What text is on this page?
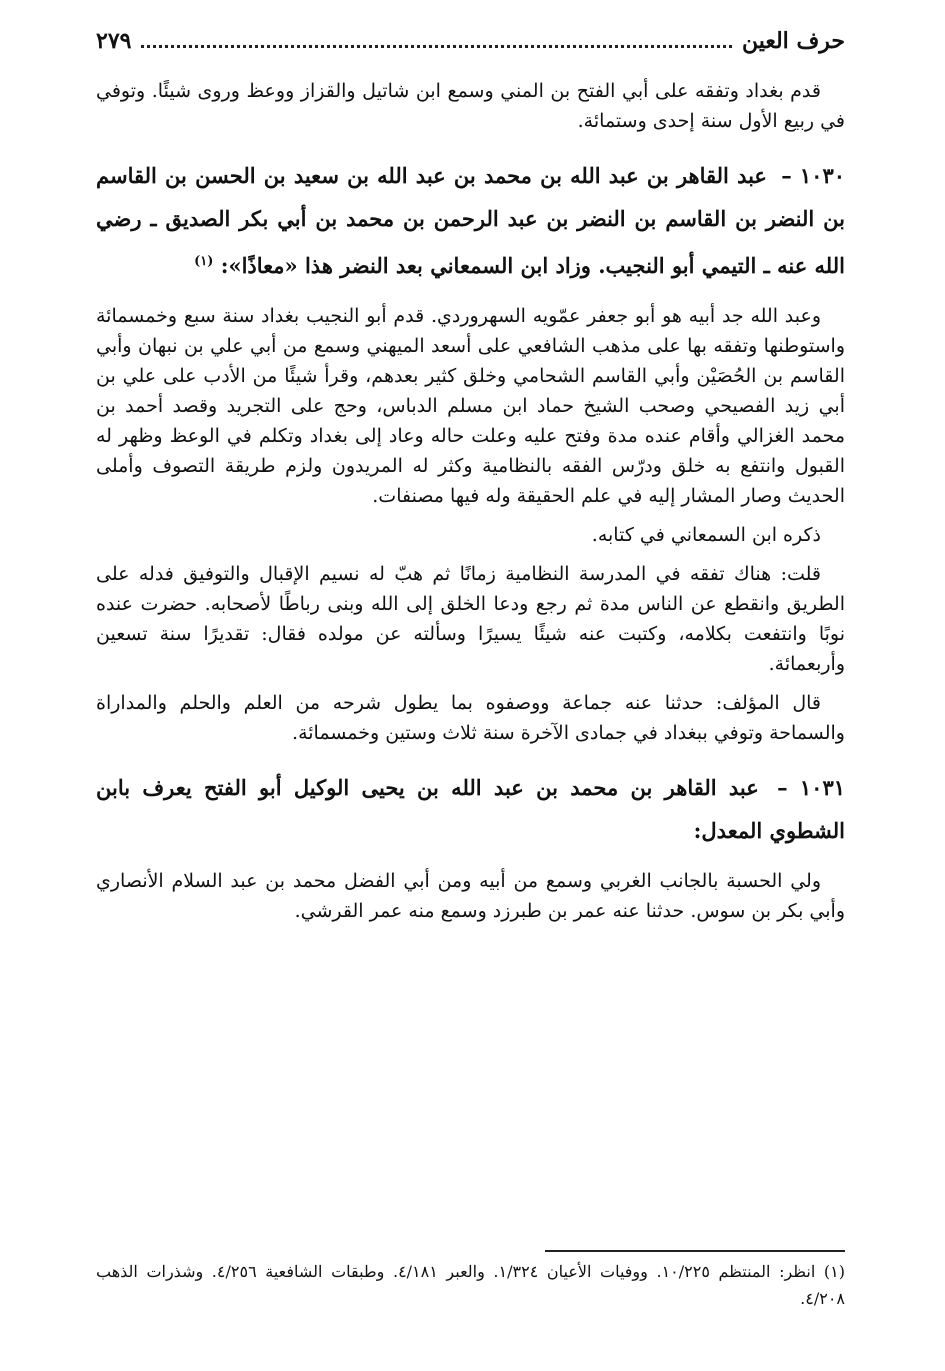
حرف العين
٢٧٩

قدم بغداد وتفقه على أبي الفتح بن المني وسمع ابن شاتيل والقزاز ووعظ وروى شيئًا. وتوفي في ربيع الأول سنة إحدى وستمائة.

١٠٣٠ – عبد القاهر بن عبد الله بن محمد بن عبد الله بن سعيد بن الحسن بن القاسم بن النضر بن القاسم بن النضر بن عبد الرحمن بن محمد بن أبي بكر الصديق ـ رضي الله عنه ـ التيمي أبو النجيب. وزاد ابن السمعاني بعد النضر هذا «معاذًا»: $^{(١)}$

وعبد الله جد أبيه هو أبو جعفر عمّويه السهروردي. قدم أبو النجيب بغداد سنة سبع وخمسمائة واستوطنها وتفقه بها على مذهب الشافعي على أسعد الميهني وسمع من أبي علي بن نبهان وأبي القاسم بن الحُصَيْن وأبي القاسم الشحامي وخلق كثير بعدهم، وقرأ شيئًا من الأدب على علي بن أبي زيد الفصيحي وصحب الشيخ حماد ابن مسلم الدباس، وحج على التجريد وقصد أحمد بن محمد الغزالي وأقام عنده مدة وفتح عليه وعلت حاله وعاد إلى بغداد وتكلم في الوعظ وظهر له القبول وانتفع به خلق ودرّس الفقه بالنظامية وكثر له المريدون ولزم طريقة التصوف وأملى الحديث وصار المشار إليه في علم الحقيقة وله فيها مصنفات.

ذكره ابن السمعاني في كتابه.

قلت: هناك تفقه في المدرسة النظامية زمانًا ثم هبّ له نسيم الإقبال والتوفيق فدله على الطريق وانقطع عن الناس مدة ثم رجع ودعا الخلق إلى الله وبنى رباطًا لأصحابه. حضرت عنده نوبًا وانتفعت بكلامه، وكتبت عنه شيئًا يسيرًا وسألته عن مولده فقال: تقديرًا سنة تسعين وأربعمائة.

قال المؤلف: حدثنا عنه جماعة ووصفوه بما يطول شرحه من العلم والحلم والمداراة والسماحة وتوفي ببغداد في جمادى الآخرة سنة ثلاث وستين وخمسمائة.

١٠٣١ – عبد القاهر بن محمد بن عبد الله بن يحيى الوكيل أبو الفتح يعرف بابن الشطوي المعدل:

ولي الحسبة بالجانب الغربي وسمع من أبيه ومن أبي الفضل محمد بن عبد السلام الأنصاري وأبي بكر بن سوس. حدثنا عنه عمر بن طبرزد وسمع منه عمر القرشي.

(١) انظر: المنتظم ١٠/٢٢٥. ووفيات الأعيان ١/٣٢٤. والعبر ٤/١٨١. وطبقات الشافعية ٤/٢٥٦. وشذرات الذهب ٤/٢٠٨.
